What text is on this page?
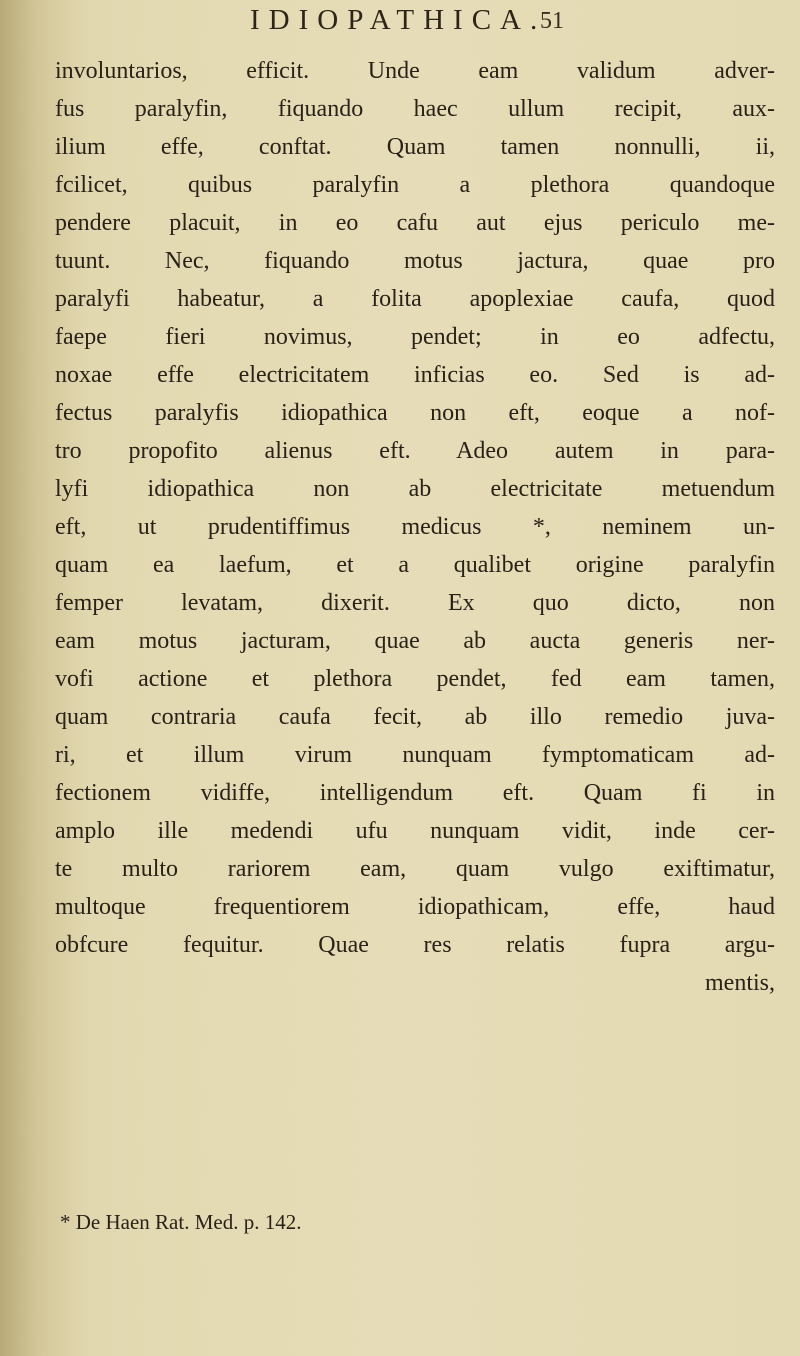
IDIOPATHICA.
51
involuntarios, efficit. Unde eam validum adver-
fus paralyfin, fiquando haec ullum recipit, aux-
ilium effe, conftat. Quam tamen nonnulli, ii,
fcilicet, quibus paralyfin a plethora quandoque
pendere placuit, in eo cafu aut ejus periculo me-
tuunt. Nec, fiquando motus jactura, quae pro
paralyfi habeatur, a folita apoplexiae caufa, quod
faepe fieri novimus, pendet; in eo adfectu,
noxae effe electricitatem inficias eo. Sed is ad-
fectus paralyfis idiopathica non eft, eoque a nof-
tro propofito alienus eft. Adeo autem in para-
lyfi idiopathica non ab electricitate metuendum
eft, ut prudentiffimus medicus *, neminem un-
quam ea laefum, et a qualibet origine paralyfin
femper levatam, dixerit. Ex quo dicto, non
eam motus jacturam, quae ab aucta generis ner-
vofi actione et plethora pendet, fed eam tamen,
quam contraria caufa fecit, ab illo remedio juva-
ri, et illum virum nunquam fymptomaticam ad-
fectionem vidiffe, intelligendum eft. Quam fi in
amplo ille medendi ufu nunquam vidit, inde cer-
te multo rariorem eam, quam vulgo exiftimatur,
multoque frequentiorem idiopathicam, effe, haud
obfcure fequitur. Quae res relatis fupra argu-
mentis,
* De Haen Rat. Med. p. 142.
